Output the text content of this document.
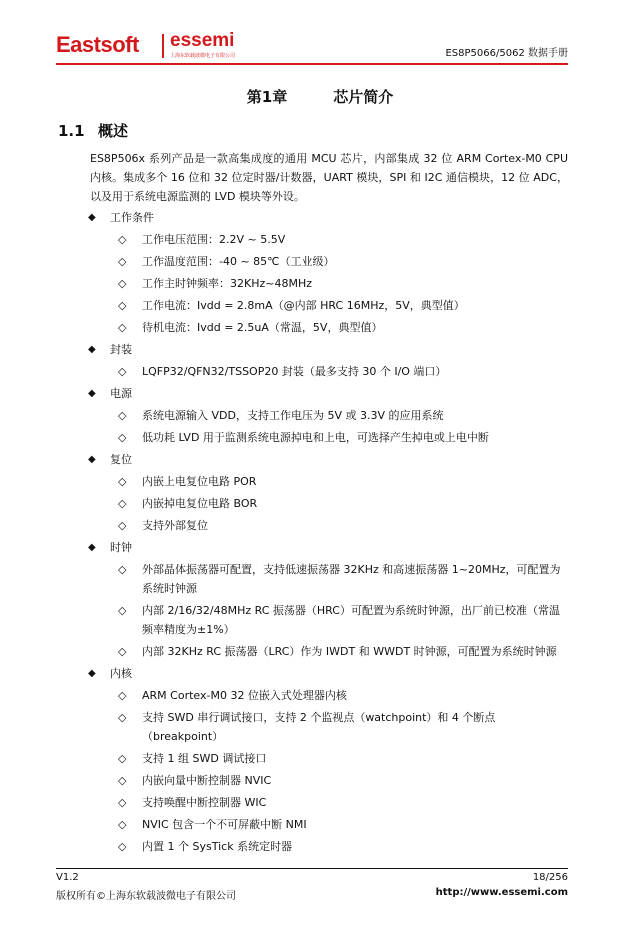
Eastsoft essemi
上海东软载波微电子有限公司	ES8P5066/5062 数据手册
第1章	芯片简介
1.1 概述

ES8P506x 系列产品是一款高集成度的通用 MCU 芯片，内部集成 32 位 ARM Cortex-M0 CPU 内核。集成多个 16 位和 32 位定时器/计数器，UART 模块，SPI 和 I2C 通信模块，12 位 ADC，以及用于系统电源监测的 LVD 模块等外设。

◆ 工作条件
◇ 工作电压范围：2.2V ~ 5.5V
◇ 工作温度范围：-40 ~ 85℃（工业级）
◇ 工作主时钟频率：32KHz~48MHz
◇ 工作电流：Ivdd = 2.8mA（@内部 HRC 16MHz，5V，典型值）
◇ 待机电流：Ivdd = 2.5uA（常温，5V，典型值）
◆ 封装
◇ LQFP32/QFN32/TSSOP20 封装（最多支持 30 个 I/O 端口）
◆ 电源
◇ 系统电源输入 VDD，支持工作电压为 5V 或 3.3V 的应用系统
◇ 低功耗 LVD 用于监测系统电源掉电和上电，可选择产生掉电或上电中断
◆ 复位
◇ 内嵌上电复位电路 POR
◇ 内嵌掉电复位电路 BOR
◇ 支持外部复位
◆ 时钟
◇ 外部晶体振荡器可配置，支持低速振荡器 32KHz 和高速振荡器 1~20MHz，可配置为系统时钟源
◇ 内部 2/16/32/48MHz RC 振荡器（HRC）可配置为系统时钟源，出厂前已校准（常温频率精度为±1%）
◇ 内部 32KHz RC 振荡器（LRC）作为 IWDT 和 WWDT 时钟源，可配置为系统时钟源
◆ 内核
◇ ARM Cortex-M0 32 位嵌入式处理器内核
◇ 支持 SWD 串行调试接口，支持 2 个监视点（watchpoint）和 4 个断点（breakpoint）
◇ 支持 1 组 SWD 调试接口
◇ 内嵌向量中断控制器 NVIC
◇ 支持唤醒中断控制器 WIC
◇ NVIC 包含一个不可屏蔽中断 NMI
◇ 内置 1 个 SysTick 系统定时器
V1.2	18/256
版权所有©上海东软载波微电子有限公司	http://www.essemi.com
